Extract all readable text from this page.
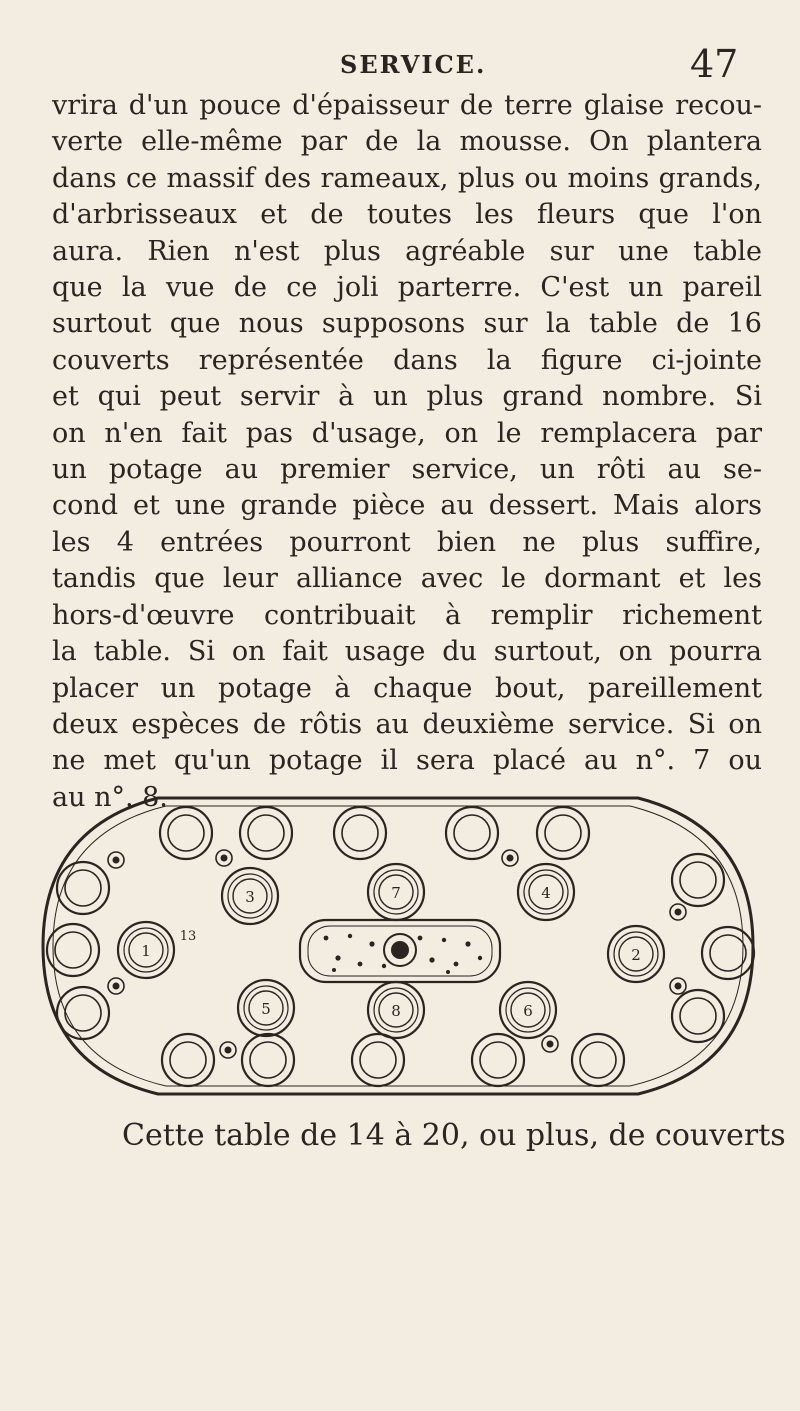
SERVICE.	47
vrira d'un pouce d'épaisseur de terre glaise recou-
verte elle-même par de la mousse. On plantera
dans ce massif des rameaux, plus ou moins grands,
d'arbrisseaux et de toutes les fleurs que l'on
aura. Rien n'est plus agréable sur une table
que la vue de ce joli parterre. C'est un pareil
surtout que nous supposons sur la table de 16
couverts représentée dans la figure ci-jointe
et qui peut servir à un plus grand nombre. Si
on n'en fait pas d'usage, on le remplacera par
un potage au premier service, un rôti au se-
cond et une grande pièce au dessert. Mais alors
les 4 entrées pourront bien ne plus suffire,
tandis que leur alliance avec le dormant et les
hors-d'œuvre contribuait à remplir richement
la table. Si on fait usage du surtout, on pourra
placer un potage à chaque bout, pareillement
deux espèces de rôtis au deuxième service. Si on
ne met qu'un potage il sera placé au n°. 7 ou
au n°. 8.
1	2
3	4
5	6
7
8
13
Cette table de 14 à 20, ou plus, de couverts
